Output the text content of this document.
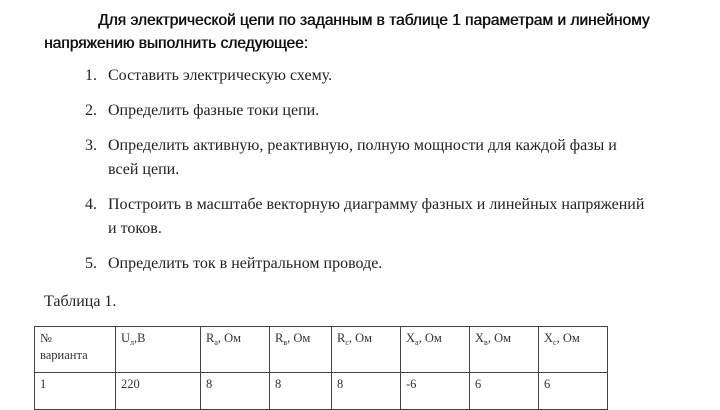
Для электрической цепи по заданным в таблице 1 параметрам и линейному
напряжению выполнить следующее:
1. Составить электрическую схему.
2. Определить фазные токи цепи.
3. Определить активную, реактивную, полную мощности для каждой фазы и
всей цепи.
4. Построить в масштабе векторную диаграмму фазных и линейных напряжений
и токов.
5. Определить ток в нейтральном проводе.
Таблица 1.
№
варианта	$U_л,В$	$R_a$, Ом	$R_в$, Ом	$R_c$, Ом	$X_a$, Ом	$X_в$, Ом	$X_c$, Ом
1	220	8	8	8	-6	6	6
